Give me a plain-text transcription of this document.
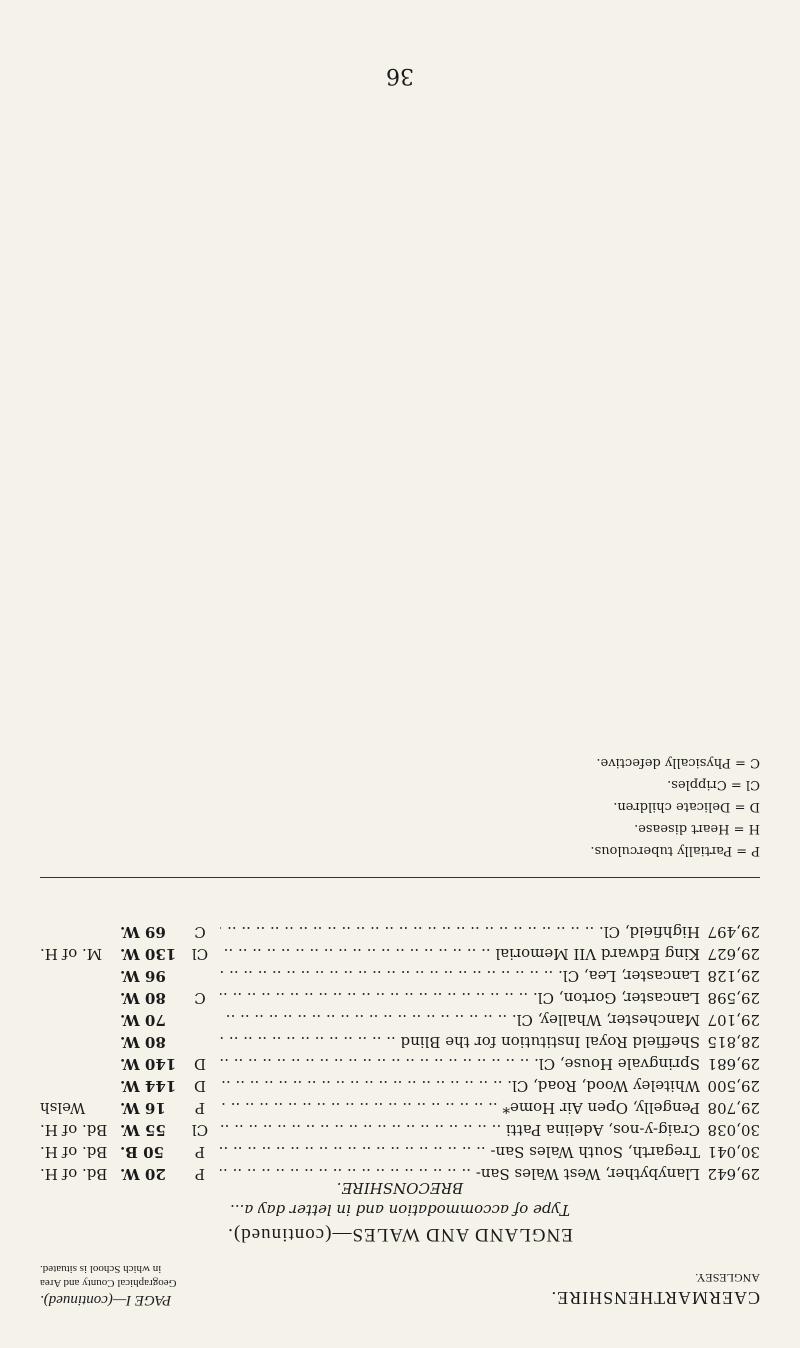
CAERMARTHENSHIRE.
ANGLESEY.
PAGE I—(continued).
Geographical County and Area
in which School is situated.
ENGLAND AND WALES—(continued).
Type of accommodation and in letter day a...
BRECONSHIRE.
29,642
Llanybyther, West Wales San- .. ..
P
20 W.
Bd. of H.
30,041
Tregarth, South Wales San- .. ..
P
50 B.
Bd. of H.
30,038
Craig-y-nos, Adelina Patti .. ..
Cl
55 W.
Bd. of H.
29,708
Pengelly, Open Air Home* .. ..
P
16 W.
Welsh
29,500
Whiteley Wood, Road, Cl. .. ..
D
144 W.
29,681
Springvale House, Cl. .. ..
D
140 W.
28,815
Sheffield Royal Institution for the Blind .. ..
80 W.
29,107
Manchester, Whalley, Cl. .. ..
70 W.
29,598
Lancaster, Gorton, Cl. .. ..
C
80 W.
29,128
Lancaster, Lea, Cl. .. ..
96 W.
29,627
King Edward VII Memorial .. ..
Cl
130 W.
M. of H.
29,497
Highfield, Cl. .. ..
C
69 W.
P = Partially tuberculous.
H = Heart disease.
D = Delicate children.
Cl = Cripples.
C = Physically defective.
36
